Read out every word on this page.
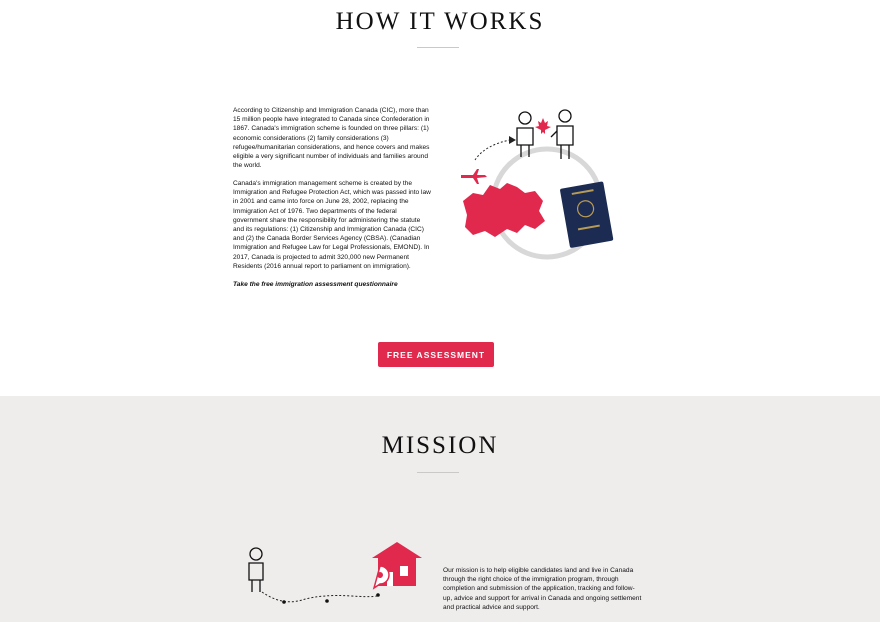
HOW IT WORKS

According to Citizenship and Immigration Canada (CIC), more than 15 million people have integrated to Canada since Confederation in 1867. Canada's immigration scheme is founded on three pillars: (1) economic considerations (2) family considerations (3) refugee/humanitarian considerations, and hence covers and makes eligible a very significant number of individuals and families around the world.

Canada's immigration management scheme is created by the Immigration and Refugee Protection Act, which was passed into law in 2001 and came into force on June 28, 2002, replacing the Immigration Act of 1976. Two departments of the federal government share the responsibility for administering the statute and its regulations: (1) Citizenship and Immigration Canada (CIC) and (2) the Canada Border Services Agency (CBSA). (Canadian Immigration and Refugee Law for Legal Professionals, EMOND). In 2017, Canada is projected to admit 320,000 new Permanent Residents (2016 annual report to parliament on immigration).

Take the free immigration assessment questionnaire
FREE ASSESSMENT
MISSION

Our mission is to help eligible candidates land and live in Canada through the right choice of the immigration program, through completion and submission of the application, tracking and follow-up, advice and support for arrival in Canada and ongoing settlement and practical advice and support.
